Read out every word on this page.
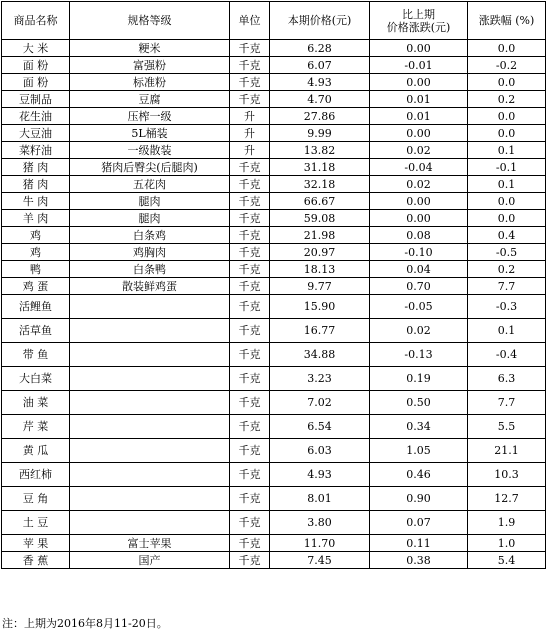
商品名称	规格等级	单位	本期价格(元)	比上期
价格涨跌(元)	涨跌幅 (%)
大 米	粳米	千克	6.28	0.00	0.0
面 粉	富强粉	千克	6.07	-0.01	-0.2
面 粉	标准粉	千克	4.93	0.00	0.0
豆制品	豆腐	千克	4.70	0.01	0.2
花生油	压榨一级	升	27.86	0.01	0.0
大豆油	5L桶装	升	9.99	0.00	0.0
菜籽油	一级散装	升	13.82	0.02	0.1
猪 肉	猪肉后臀尖(后腿肉)	千克	31.18	-0.04	-0.1
猪 肉	五花肉	千克	32.18	0.02	0.1
牛 肉	腿肉	千克	66.67	0.00	0.0
羊 肉	腿肉	千克	59.08	0.00	0.0
鸡	白条鸡	千克	21.98	0.08	0.4
鸡	鸡胸肉	千克	20.97	-0.10	-0.5
鸭	白条鸭	千克	18.13	0.04	0.2
鸡 蛋	散装鲜鸡蛋	千克	9.77	0.70	7.7
活鲤鱼		千克	15.90	-0.05	-0.3
活草鱼		千克	16.77	0.02	0.1
带 鱼		千克	34.88	-0.13	-0.4
大白菜		千克	3.23	0.19	6.3
油 菜		千克	7.02	0.50	7.7
芹 菜		千克	6.54	0.34	5.5
黄 瓜		千克	6.03	1.05	21.1
西红柿		千克	4.93	0.46	10.3
豆 角		千克	8.01	0.90	12.7
土 豆		千克	3.80	0.07	1.9
苹 果	富士苹果	千克	11.70	0.11	1.0
香 蕉	国产	千克	7.45	0.38	5.4
注：上期为2016年8月11-20日。
